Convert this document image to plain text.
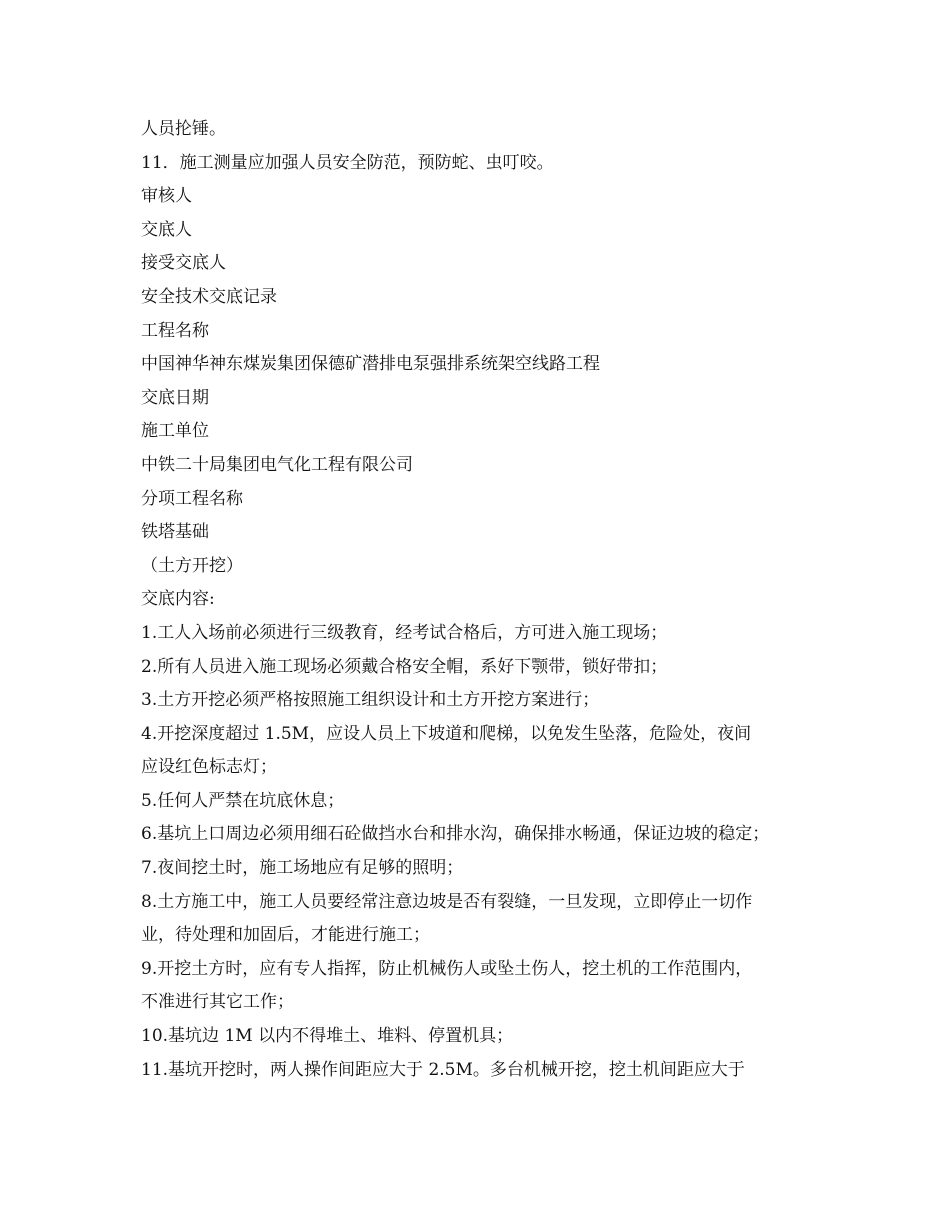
人员抡锤。
11．施工测量应加强人员安全防范，预防蛇、虫叮咬。
审核人
交底人
接受交底人
安全技术交底记录
工程名称
中国神华神东煤炭集团保德矿潜排电泵强排系统架空线路工程
交底日期
施工单位
中铁二十局集团电气化工程有限公司
分项工程名称
铁塔基础
（土方开挖）
交底内容:
1.工人入场前必须进行三级教育，经考试合格后，方可进入施工现场；
2.所有人员进入施工现场必须戴合格安全帽，系好下颚带，锁好带扣；
3.土方开挖必须严格按照施工组织设计和土方开挖方案进行；
4.开挖深度超过 1.5M，应设人员上下坡道和爬梯，以免发生坠落，危险处，夜间
应设红色标志灯；
5.任何人严禁在坑底休息；
6.基坑上口周边必须用细石砼做挡水台和排水沟，确保排水畅通，保证边坡的稳定；
7.夜间挖土时，施工场地应有足够的照明；
8.土方施工中，施工人员要经常注意边坡是否有裂缝，一旦发现，立即停止一切作
业，待处理和加固后，才能进行施工；
9.开挖土方时，应有专人指挥，防止机械伤人或坠土伤人，挖土机的工作范围内，
不准进行其它工作；
10.基坑边 1M 以内不得堆土、堆料、停置机具；
11.基坑开挖时，两人操作间距应大于 2.5M。多台机械开挖，挖土机间距应大于
